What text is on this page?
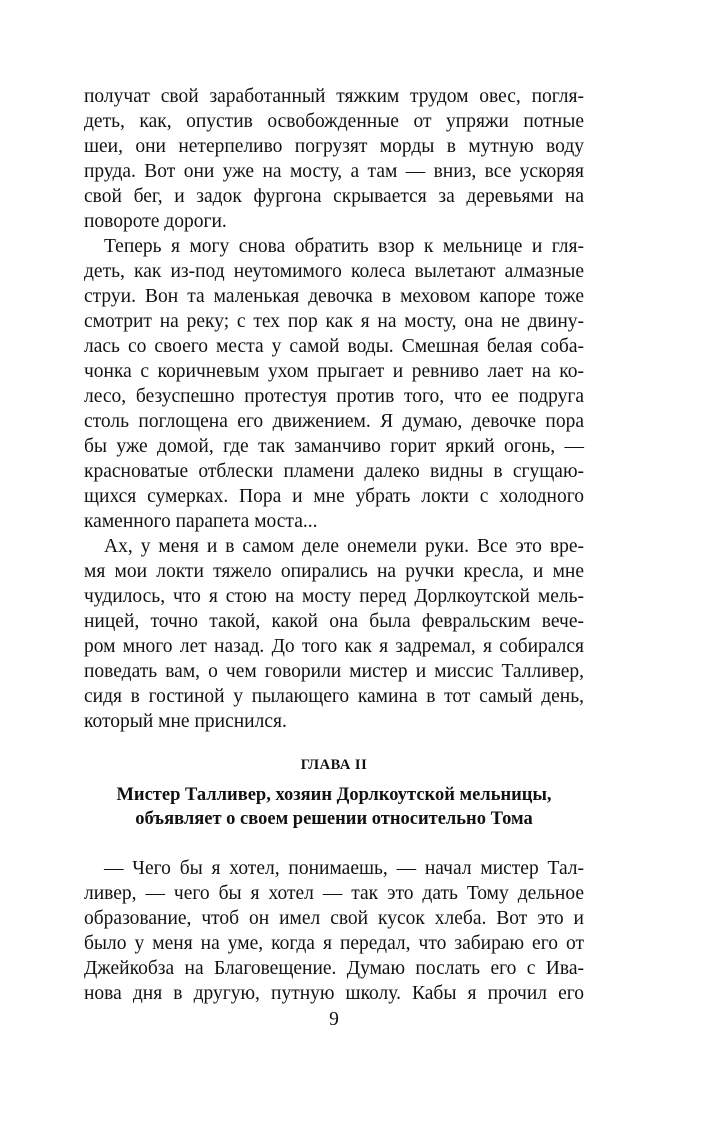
получат свой заработанный тяжким трудом овес, погля-
деть, как, опустив освобожденные от упряжи потные
шеи, они нетерпеливо погрузят морды в мутную воду
пруда. Вот они уже на мосту, а там — вниз, все ускоряя
свой бег, и задок фургона скрывается за деревьями на
повороте дороги.
Теперь я могу снова обратить взор к мельнице и гля-
деть, как из-под неутомимого колеса вылетают алмазные
струи. Вон та маленькая девочка в меховом капоре тоже
смотрит на реку; с тех пор как я на мосту, она не двину-
лась со своего места у самой воды. Смешная белая соба-
чонка с коричневым ухом прыгает и ревниво лает на ко-
лесо, безуспешно протестуя против того, что ее подруга
столь поглощена его движением. Я думаю, девочке пора
бы уже домой, где так заманчиво горит яркий огонь, —
красноватые отблески пламени далеко видны в сгущаю-
щихся сумерках. Пора и мне убрать локти с холодного
каменного парапета моста...
Ах, у меня и в самом деле онемели руки. Все это вре-
мя мои локти тяжело опирались на ручки кресла, и мне
чудилось, что я стою на мосту перед Дорлкоутской мель-
ницей, точно такой, какой она была февральским вече-
ром много лет назад. До того как я задремал, я собирался
поведать вам, о чем говорили мистер и миссис Талливер,
сидя в гостиной у пылающего камина в тот самый день,
который мне приснился.
ГЛАВА II
Мистер Талливер, хозяин Дорлкоутской мельницы,
объявляет о своем решении относительно Тома
— Чего бы я хотел, понимаешь, — начал мистер Тал-
ливер, — чего бы я хотел — так это дать Тому дельное
образование, чтоб он имел свой кусок хлеба. Вот это и
было у меня на уме, когда я передал, что забираю его от
Джейкобза на Благовещение. Думаю послать его с Ива-
нова дня в другую, путную школу. Кабы я прочил его
9
